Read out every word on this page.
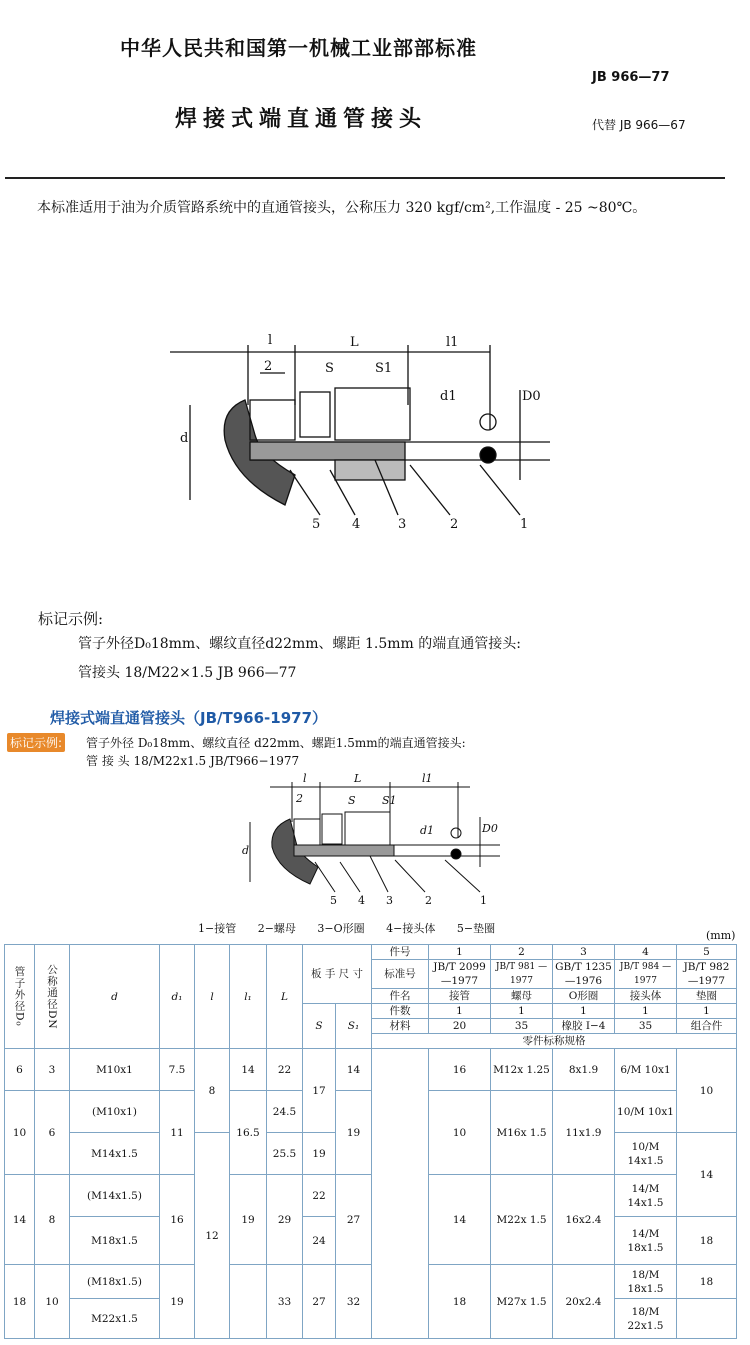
中华人民共和国第一机械工业部部标准
JB 966—77
焊接式端直通管接头	代替 JB 966—67
本标准适用于油为介质管路系统中的直通管接头，公称压力 320 kgf/cm²,工作温度 - 25 ~80℃。
l	L	l1
2	S	S1
d
d1	D0
5 4	3	2	1
标记示例:
管子外径D₀18mm、螺纹直径d22mm、螺距 1.5mm 的端直通管接头:
管接头 18/M22×1.5 JB 966—77
焊接式端直通管接头（JB/T966-1977）
标记示例: 管子外径 D₀18mm、螺纹直径 d22mm、螺距1.5mm的端直通管接头:
管 接 头 18/M22x1.5 JB/T966−1977
l	L	l1
2	S S1
d
d1	D0
5 4 3	2	1
1−接管 2−螺母 3−O形圈 4−接头体 5−垫圈
(mm)
管子外径D₀	公称通径DN	d	d₁	l	l₁	L	板 手 尺 寸		件号	1	2	3	4	5
									标准号	JB/T 2099 —1977	JB/T 981 —1977	GB/T 1235 —1976	JB/T 984 —1977	JB/T 982 —1977
									件名	接管	螺母	O形圈	接头体	垫圈
							S	S₁	件数	1	1	1	1	1
									材料	20	35	橡胶 I−4	35	组合件
									零件标称规格					
6	3	M10x1	7.5	8	14	22	17	14		16	M12x 1.25	8x1.9	6/M 10x1	10
10	6	(M10x1)	11		16.5	24.5		19		10	M16x 1.5	11x1.9	10/M 10x1	
		M14x1.5		12		25.5	19						10/M 14x1.5	14
14	8	(M14x1.5)	16		19	29	22	27		14	M22x 1.5	16x2.4	14/M 14x1.5	
		M18x1.5					24						14/M 18x1.5	18
18	10	(M18x1.5)	19			33	27	32		18	M27x 1.5	20x2.4	18/M 18x1.5	18
		M22x1.5											18/M 22x1.5	
